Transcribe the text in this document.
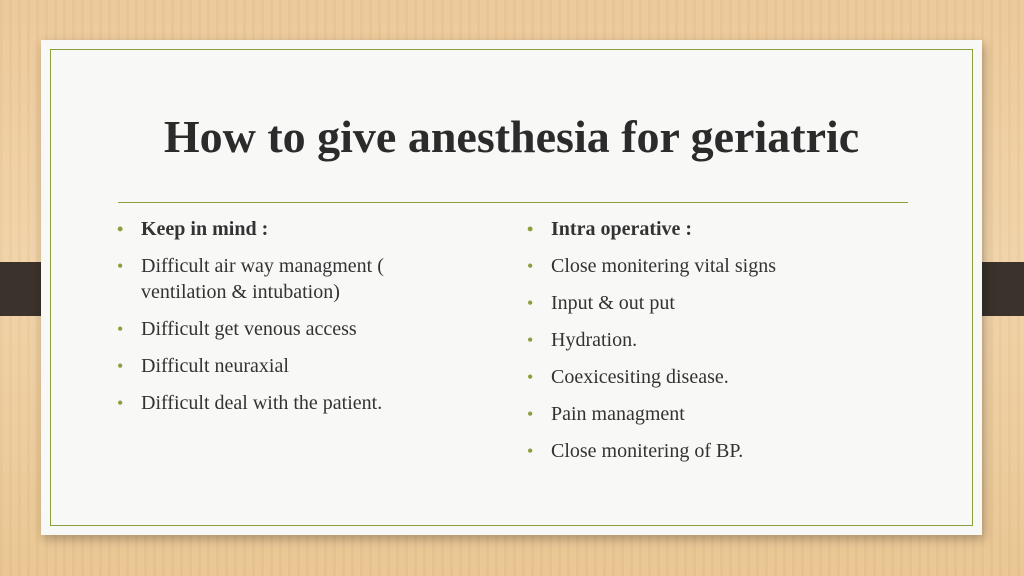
How to give anesthesia for geriatric
• Keep in mind :
• Difficult air way managment ( ventilation & intubation)
• Difficult get venous access
• Difficult neuraxial
• Difficult deal with the patient.
• Intra operative :
• Close monitering vital signs
• Input & out put
• Hydration.
• Coexicesiting disease.
• Pain managment
• Close monitering of BP.
